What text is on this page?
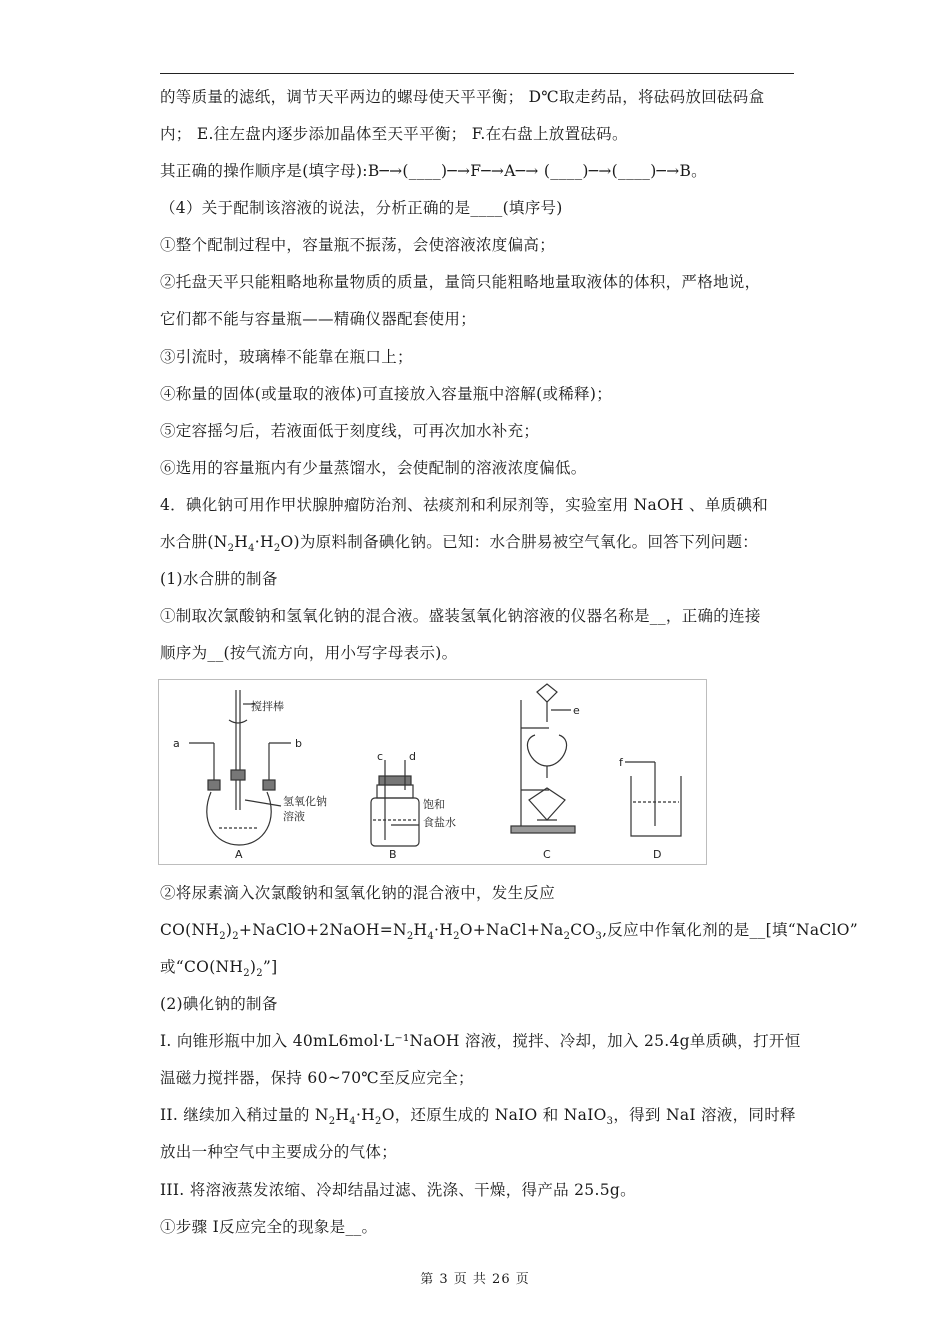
的等质量的滤纸，调节天平两边的螺母使天平平衡； D℃取走药品，将砝码放回砝码盒
内； E.往左盘内逐步添加晶体至天平平衡； F.在右盘上放置砝码。
其正确的操作顺序是(填字母):B─→(____)─→F─→A─→ (____)─→(____)─→B。
（4）关于配制该溶液的说法，分析正确的是____(填序号)
①整个配制过程中，容量瓶不振荡，会使溶液浓度偏高；
②托盘天平只能粗略地称量物质的质量，量筒只能粗略地量取液体的体积，严格地说，
它们都不能与容量瓶——精确仪器配套使用；
③引流时，玻璃棒不能靠在瓶口上；
④称量的固体(或量取的液体)可直接放入容量瓶中溶解(或稀释)；
⑤定容摇匀后，若液面低于刻度线，可再次加水补充；
⑥选用的容量瓶内有少量蒸馏水，会使配制的溶液浓度偏低。
4．碘化钠可用作甲状腺肿瘤防治剂、祛痰剂和利尿剂等，实验室用 NaOH 、单质碘和
水合肼$(N_2H_4\cdot H_2O)$为原料制备碘化钠。已知：水合肼易被空气氧化。回答下列问题：
(1)水合肼的制备
①制取次氯酸钠和氢氧化钠的混合液。盛装氢氧化钠溶液的仪器名称是__，正确的连接
顺序为__(按气流方向，用小写字母表示)。
搅拌棒
a	b
氢氧化钠
溶液
A
c d
饱和
食盐水
B
e
C
f
D
②将尿素滴入次氯酸钠和氢氧化钠的混合液中，发生反应
$CO(NH_2)_2+NaClO+2NaOH=N_2H_4\cdot H_2O+NaCl+Na_2CO_3$,反应中作氧化剂的是__[填“NaClO”
或“$CO(NH_2)_2$”]
(2)碘化钠的制备
I. 向锥形瓶中加入 40mL6mol·L⁻¹NaOH 溶液，搅拌、冷却，加入 25.4g单质碘，打开恒
温磁力搅拌器，保持 60~70℃至反应完全；
II. 继续加入稍过量的 $N_2H_4\cdot H_2O$，还原生成的 NaIO 和 NaIO$_3$，得到 NaI 溶液，同时释
放出一种空气中主要成分的气体；
III. 将溶液蒸发浓缩、冷却结晶过滤、洗涤、干燥，得产品 25.5g。
①步骤 I反应完全的现象是__。
第 3 页 共 26 页
